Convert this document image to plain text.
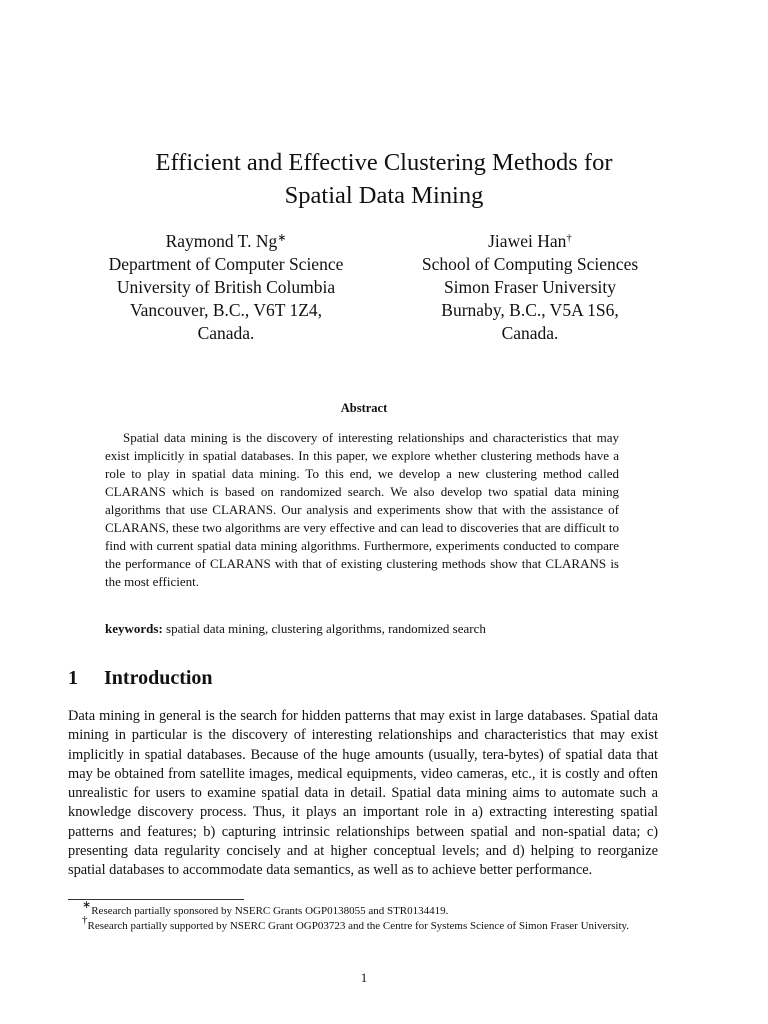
Efficient and Effective Clustering Methods for
Spatial Data Mining
Raymond T. Ng∗
Department of Computer Science
University of British Columbia
Vancouver, B.C., V6T 1Z4,
Canada.
Jiawei Han†
School of Computing Sciences
Simon Fraser University
Burnaby, B.C., V5A 1S6,
Canada.
Abstract

Spatial data mining is the discovery of interesting relationships and characteristics that may exist implicitly in spatial databases. In this paper, we explore whether clustering methods have a role to play in spatial data mining. To this end, we develop a new clustering method called CLARANS which is based on randomized search. We also develop two spatial data mining algorithms that use CLARANS. Our analysis and experiments show that with the assistance of CLARANS, these two algorithms are very effective and can lead to discoveries that are difficult to find with current spatial data mining algorithms. Furthermore, experiments conducted to compare the performance of CLARANS with that of existing clustering methods show that CLARANS is the most efficient.

keywords: spatial data mining, clustering algorithms, randomized search
1 Introduction

Data mining in general is the search for hidden patterns that may exist in large databases. Spatial data mining in particular is the discovery of interesting relationships and characteristics that may exist implicitly in spatial databases. Because of the huge amounts (usually, tera-bytes) of spatial data that may be obtained from satellite images, medical equipments, video cameras, etc., it is costly and often unrealistic for users to examine spatial data in detail. Spatial data mining aims to automate such a knowledge discovery process. Thus, it plays an important role in a) extracting interesting spatial patterns and features; b) capturing intrinsic relationships between spatial and non-spatial data; c) presenting data regularity concisely and at higher conceptual levels; and d) helping to reorganize spatial databases to accommodate data semantics, as well as to achieve better performance.

∗Research partially sponsored by NSERC Grants OGP0138055 and STR0134419.

†Research partially supported by NSERC Grant OGP03723 and the Centre for Systems Science of Simon Fraser University.

1
